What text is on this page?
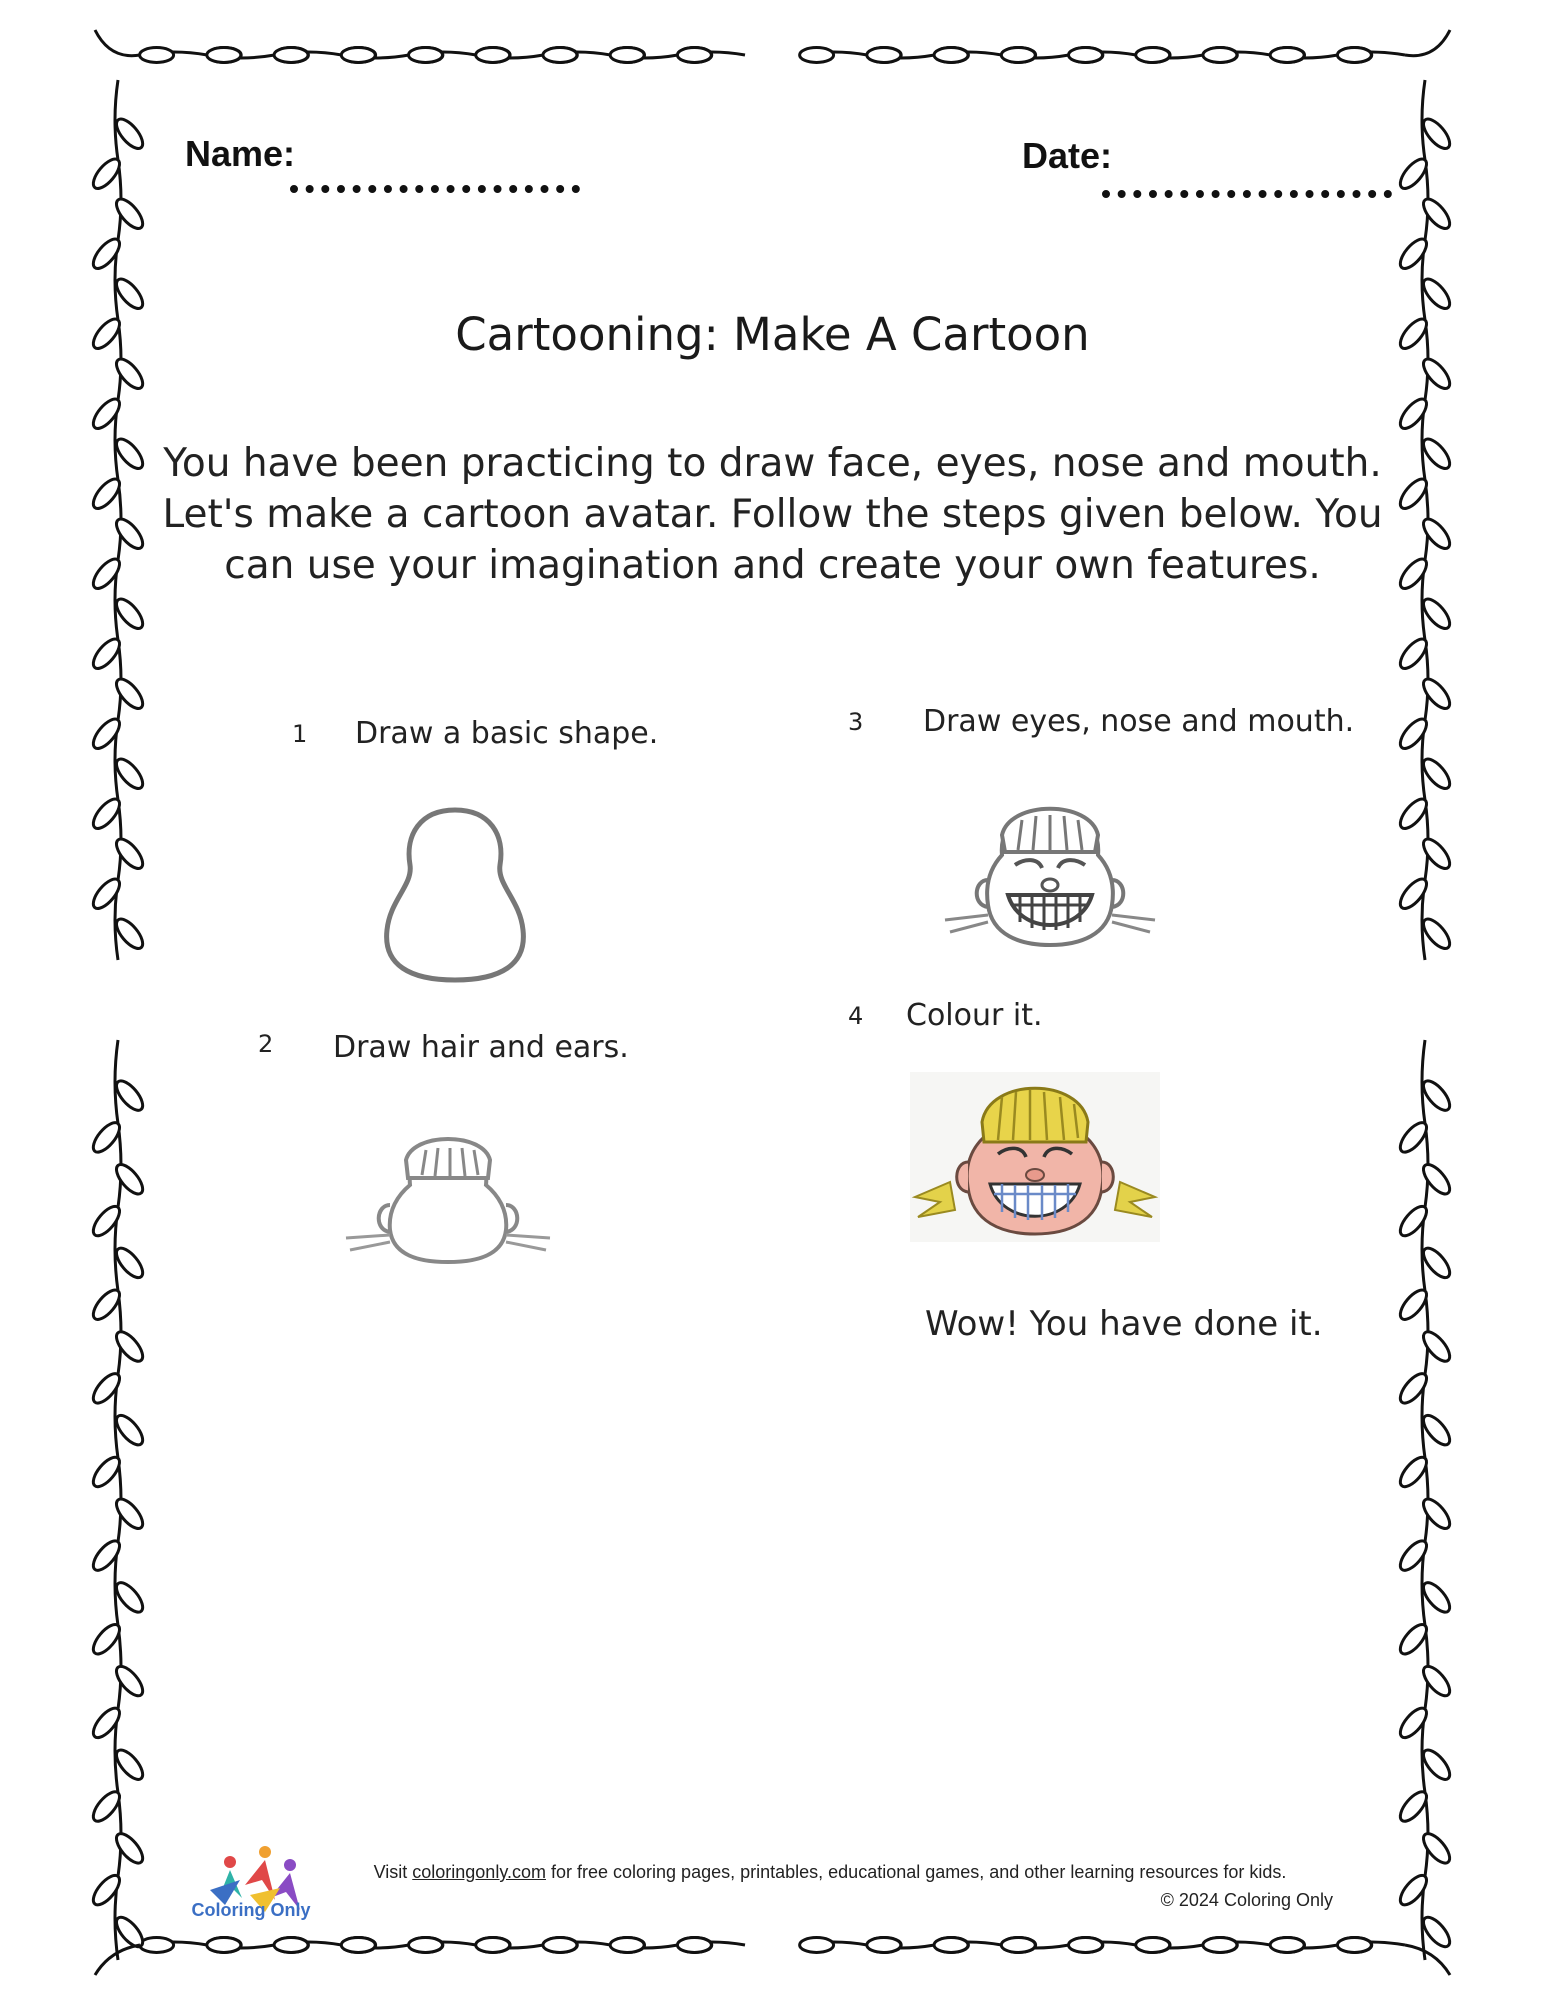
Name:	Date:
Cartooning: Make A Cartoon
You have been practicing to draw face, eyes, nose and mouth.
Let's make a cartoon avatar. Follow the steps given below. You
can use your imagination and create your own features.
1 Draw a basic shape.
2 Draw hair and ears.
3 Draw eyes, nose and mouth.
4 Colour it.
Wow! You have done it.
Coloring Only
Visit coloringonly.com for free coloring pages, printables, educational games, and other learning resources for kids.
© 2024 Coloring Only
